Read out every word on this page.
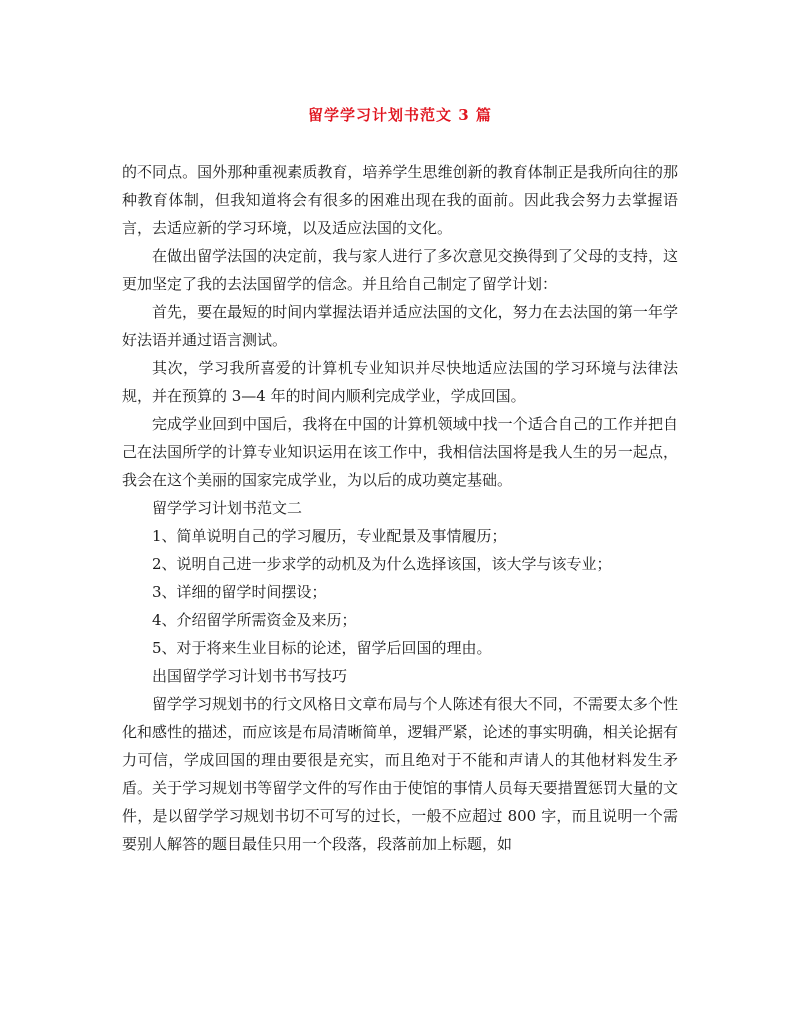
留学学习计划书范文 3 篇

的不同点。国外那种重视素质教育，培养学生思维创新的教育体制正是我所向往的那种教育体制，但我知道将会有很多的困难出现在我的面前。因此我会努力去掌握语言，去适应新的学习环境，以及适应法国的文化。

在做出留学法国的决定前，我与家人进行了多次意见交换得到了父母的支持，这更加坚定了我的去法国留学的信念。并且给自己制定了留学计划：

首先，要在最短的时间内掌握法语并适应法国的文化，努力在去法国的第一年学好法语并通过语言测试。

其次，学习我所喜爱的计算机专业知识并尽快地适应法国的学习环境与法律法规，并在预算的 3—4 年的时间内顺利完成学业，学成回国。

完成学业回到中国后，我将在中国的计算机领域中找一个适合自己的工作并把自己在法国所学的计算专业知识运用在该工作中，我相信法国将是我人生的另一起点，我会在这个美丽的国家完成学业，为以后的成功奠定基础。

留学学习计划书范文二

1、简单说明自己的学习履历，专业配景及事情履历；

2、说明自己进一步求学的动机及为什么选择该国，该大学与该专业；

3、详细的留学时间摆设；

4、介绍留学所需资金及来历；

5、对于将来生业目标的论述，留学后回国的理由。

出国留学学习计划书书写技巧

留学学习规划书的行文风格日文章布局与个人陈述有很大不同，不需要太多个性化和感性的描述，而应该是布局清晰简单，逻辑严紧，论述的事实明确，相关论据有力可信，学成回国的理由要很是充实，而且绝对于不能和声请人的其他材料发生矛盾。关于学习规划书等留学文件的写作由于使馆的事情人员每天要措置惩罚大量的文件，是以留学学习规划书切不可写的过长，一般不应超过 800 字，而且说明一个需要别人解答的题目最佳只用一个段落，段落前加上标题，如
